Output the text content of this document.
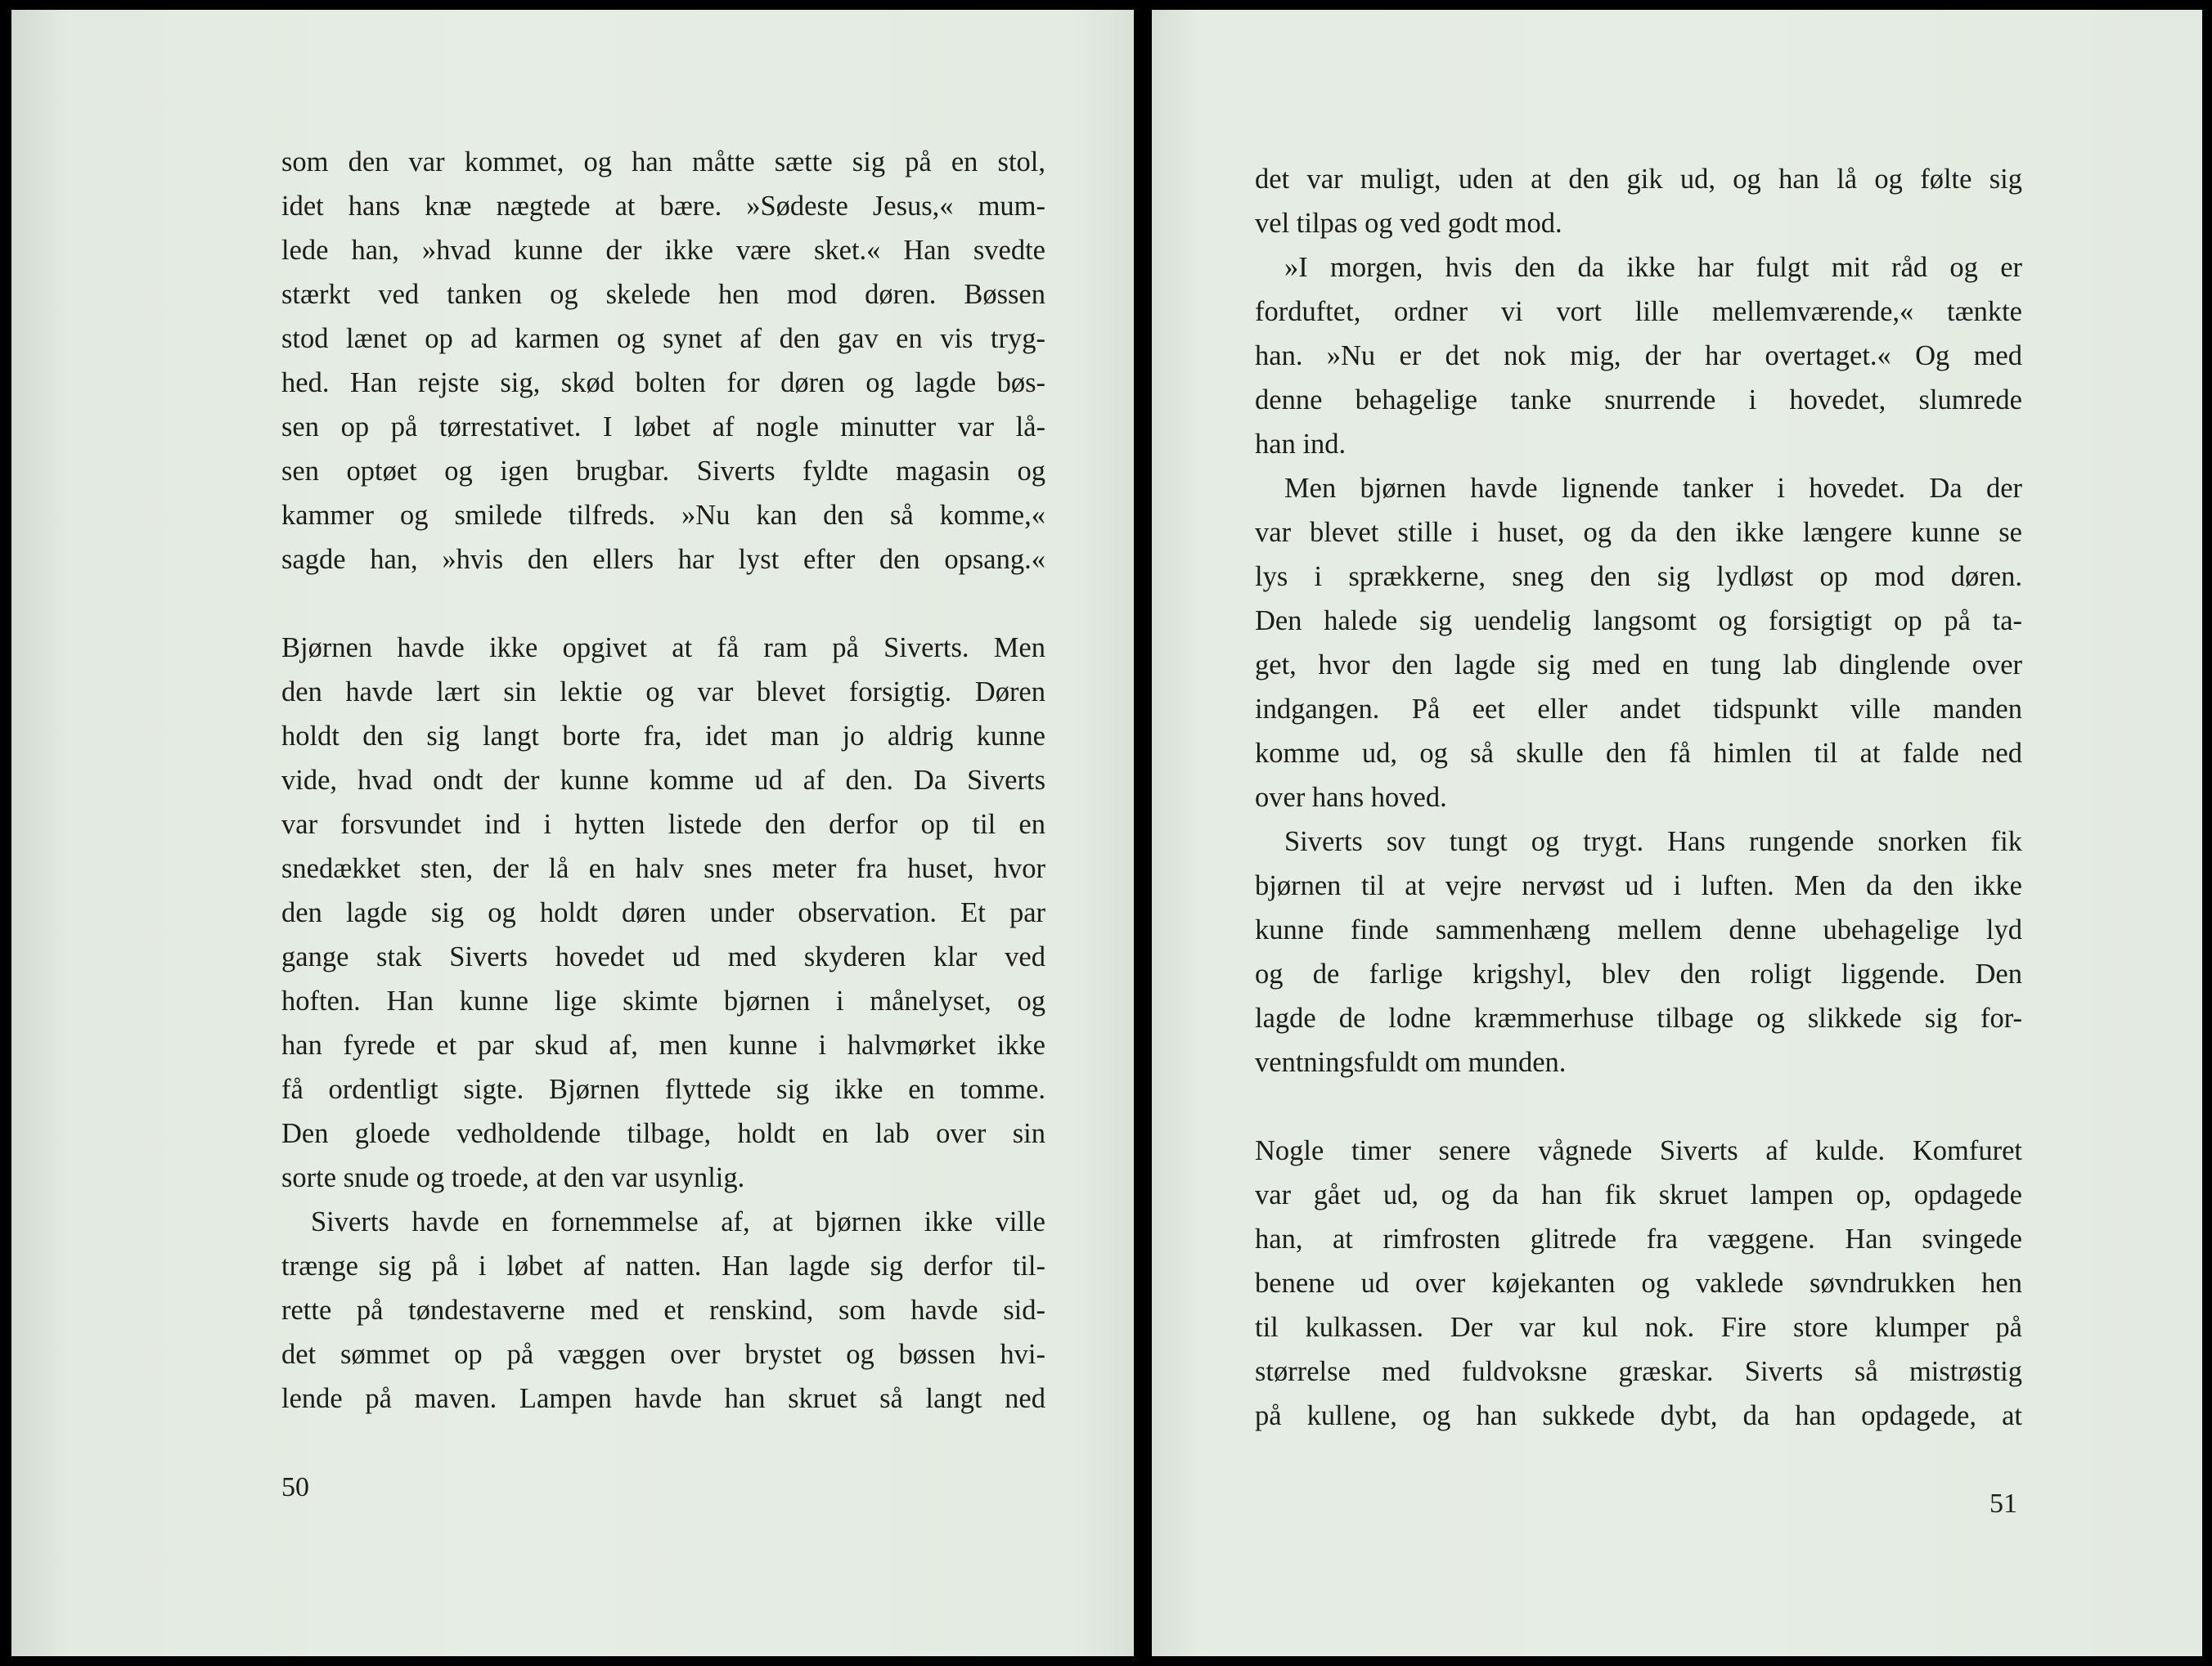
som den var kommet, og han måtte sætte sig på en stol,
idet hans knæ nægtede at bære. »Sødeste Jesus,« mum-
lede han, »hvad kunne der ikke være sket.« Han svedte
stærkt ved tanken og skelede hen mod døren. Bøssen
stod lænet op ad karmen og synet af den gav en vis tryg-
hed. Han rejste sig, skød bolten for døren og lagde bøs-
sen op på tørrestativet. I løbet af nogle minutter var lå-
sen optøet og igen brugbar. Siverts fyldte magasin og
kammer og smilede tilfreds. »Nu kan den så komme,«
sagde han, »hvis den ellers har lyst efter den opsang.«
Bjørnen havde ikke opgivet at få ram på Siverts. Men
den havde lært sin lektie og var blevet forsigtig. Døren
holdt den sig langt borte fra, idet man jo aldrig kunne
vide, hvad ondt der kunne komme ud af den. Da Siverts
var forsvundet ind i hytten listede den derfor op til en
snedækket sten, der lå en halv snes meter fra huset, hvor
den lagde sig og holdt døren under observation. Et par
gange stak Siverts hovedet ud med skyderen klar ved
hoften. Han kunne lige skimte bjørnen i månelyset, og
han fyrede et par skud af, men kunne i halvmørket ikke
få ordentligt sigte. Bjørnen flyttede sig ikke en tomme.
Den gloede vedholdende tilbage, holdt en lab over sin
sorte snude og troede, at den var usynlig.
Siverts havde en fornemmelse af, at bjørnen ikke ville
trænge sig på i løbet af natten. Han lagde sig derfor til-
rette på tøndestaverne med et renskind, som havde sid-
det sømmet op på væggen over brystet og bøssen hvi-
lende på maven. Lampen havde han skruet så langt ned
50
det var muligt, uden at den gik ud, og han lå og følte sig
vel tilpas og ved godt mod.
»I morgen, hvis den da ikke har fulgt mit råd og er
forduftet, ordner vi vort lille mellemværende,« tænkte
han. »Nu er det nok mig, der har overtaget.« Og med
denne behagelige tanke snurrende i hovedet, slumrede
han ind.
Men bjørnen havde lignende tanker i hovedet. Da der
var blevet stille i huset, og da den ikke længere kunne se
lys i sprækkerne, sneg den sig lydløst op mod døren.
Den halede sig uendelig langsomt og forsigtigt op på ta-
get, hvor den lagde sig med en tung lab dinglende over
indgangen. På eet eller andet tidspunkt ville manden
komme ud, og så skulle den få himlen til at falde ned
over hans hoved.
Siverts sov tungt og trygt. Hans rungende snorken fik
bjørnen til at vejre nervøst ud i luften. Men da den ikke
kunne finde sammenhæng mellem denne ubehagelige lyd
og de farlige krigshyl, blev den roligt liggende. Den
lagde de lodne kræmmerhuse tilbage og slikkede sig for-
ventningsfuldt om munden.
Nogle timer senere vågnede Siverts af kulde. Komfuret
var gået ud, og da han fik skruet lampen op, opdagede
han, at rimfrosten glitrede fra væggene. Han svingede
benene ud over køjekanten og vaklede søvndrukken hen
til kulkassen. Der var kul nok. Fire store klumper på
størrelse med fuldvoksne græskar. Siverts så mistrøstig
på kullene, og han sukkede dybt, da han opdagede, at
51
